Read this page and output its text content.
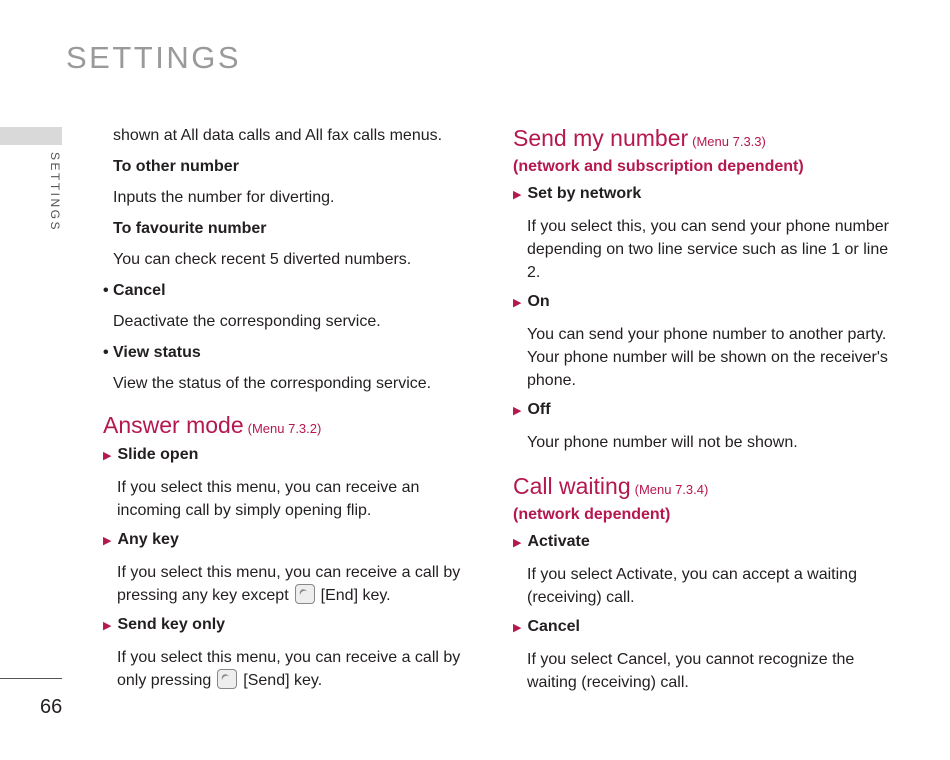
SETTINGS
SETTINGS
66

shown at All data calls and All fax calls menus.

To other number

Inputs the number for diverting.

To favourite number

You can check recent 5 diverted numbers.

• Cancel

Deactivate the corresponding service.

• View status

View the status of the corresponding service.

Answer mode (Menu 7.3.2)
▶ Slide open

If you select this menu, you can receive an incoming call by simply opening flip.

▶ Any key

If you select this menu, you can receive a call by pressing any key except [End] key.

▶ Send key only

If you select this menu, you can receive a call by only pressing [Send] key.

Send my number (Menu 7.3.3)

(network and subscription dependent)

▶ Set by network

If you select this, you can send your phone number depending on two line service such as line 1 or line 2.

▶ On

You can send your phone number to another party. Your phone number will be shown on the receiver's phone.

▶ Off

Your phone number will not be shown.

Call waiting (Menu 7.3.4)

(network dependent)

▶ Activate

If you select Activate, you can accept a waiting (receiving) call.

▶ Cancel

If you select Cancel, you cannot recognize the waiting (receiving) call.
